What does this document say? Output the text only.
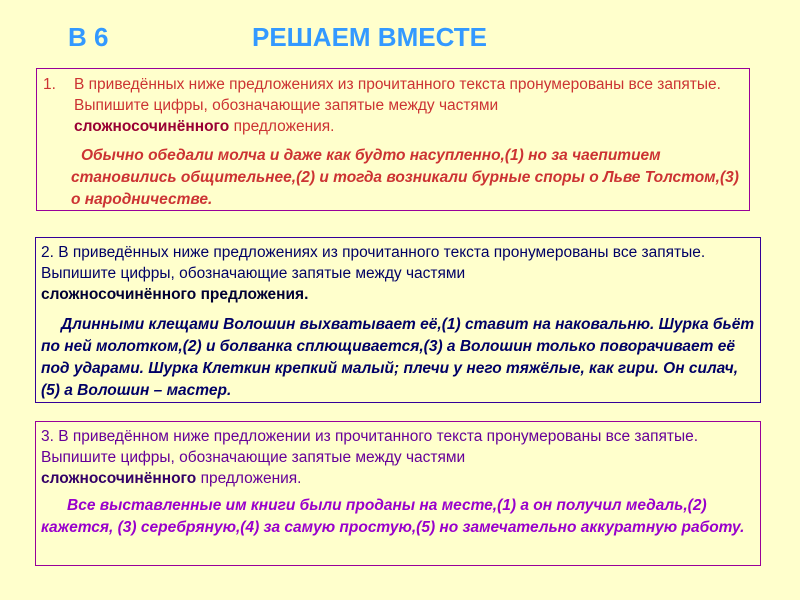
В 6	РЕШАЕМ ВМЕСТЕ
1. В приведённых ниже предложениях из прочитанного текста пронумерованы все запятые. Выпишите цифры, обозначающие запятые между частями
сложносочинённого предложения.
Обычно обедали молча и даже как будто насупленно,(1) но за чаепитием становились общительнее,(2) и тогда возникали бурные споры о Льве Толстом,(3) о народничестве.
2. В приведённых ниже предложениях из прочитанного текста пронумерованы все запятые. Выпишите цифры, обозначающие запятые между частями
сложносочинённого предложения.
Длинными клещами Волошин выхватывает её,(1) ставит на наковальню. Шурка бьёт по ней молотком,(2) и болванка сплющивается,(3) а Волошин только поворачивает её под ударами. Шурка Клеткин крепкий малый; плечи у него тяжёлые, как гири. Он силач,(5) а Волошин – мастер.
3. В приведённом ниже предложении из прочитанного текста пронумерованы все запятые. Выпишите цифры, обозначающие запятые между частями
сложносочинённого предложения.
Все выставленные им книги были проданы на месте,(1) а он получил медаль,(2) кажется, (3) серебряную,(4) за самую простую,(5) но замечательно аккуратную работу.
